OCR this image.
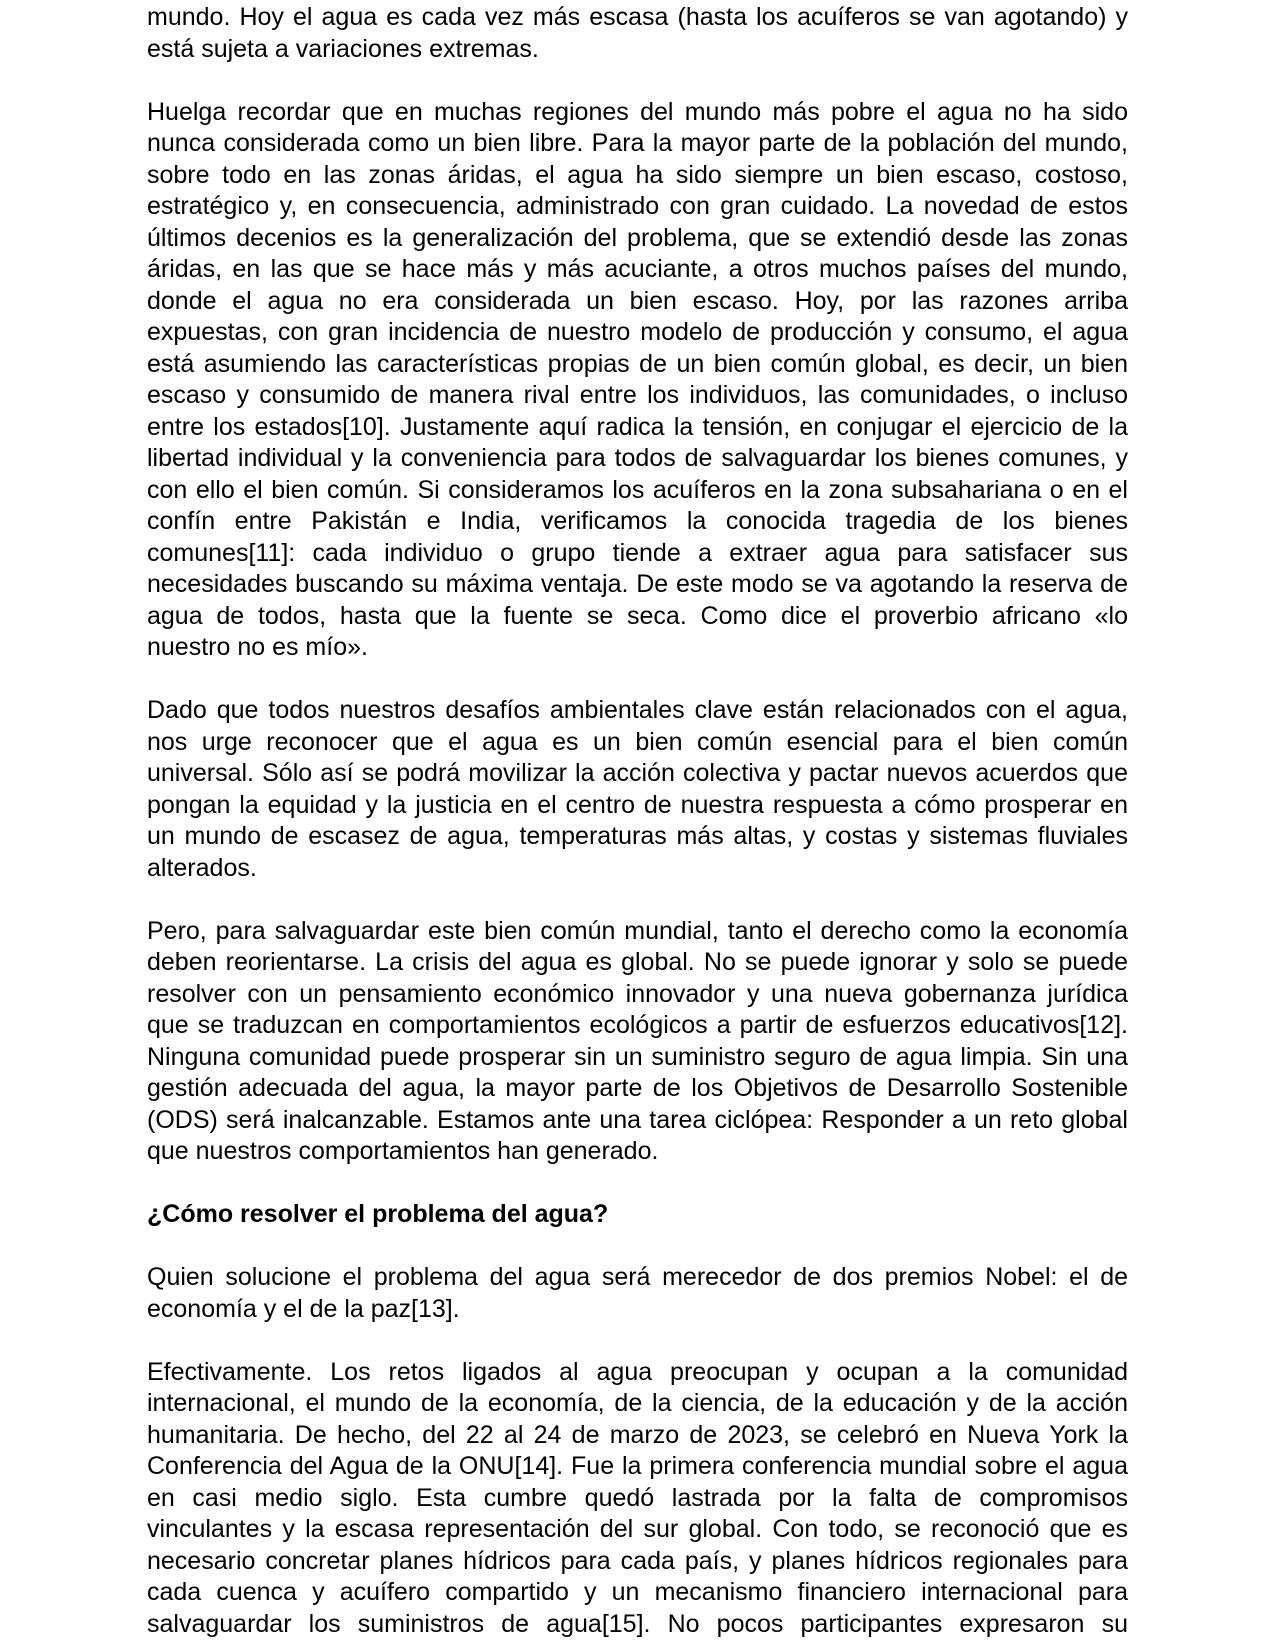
mundo. Hoy el agua es cada vez más escasa (hasta los acuíferos se van agotando) y
está sujeta a variaciones extremas.
Huelga recordar que en muchas regiones del mundo más pobre el agua no ha sido
nunca considerada como un bien libre. Para la mayor parte de la población del mundo,
sobre todo en las zonas áridas, el agua ha sido siempre un bien escaso, costoso,
estratégico y, en consecuencia, administrado con gran cuidado. La novedad de estos
últimos decenios es la generalización del problema, que se extendió desde las zonas
áridas, en las que se hace más y más acuciante, a otros muchos países del mundo,
donde el agua no era considerada un bien escaso. Hoy, por las razones arriba
expuestas, con gran incidencia de nuestro modelo de producción y consumo, el agua
está asumiendo las características propias de un bien común global, es decir, un bien
escaso y consumido de manera rival entre los individuos, las comunidades, o incluso
entre los estados[10]. Justamente aquí radica la tensión, en conjugar el ejercicio de la
libertad individual y la conveniencia para todos de salvaguardar los bienes comunes, y
con ello el bien común. Si consideramos los acuíferos en la zona subsahariana o en el
confín entre Pakistán e India, verificamos la conocida tragedia de los bienes
comunes[11]: cada individuo o grupo tiende a extraer agua para satisfacer sus
necesidades buscando su máxima ventaja. De este modo se va agotando la reserva de
agua de todos, hasta que la fuente se seca. Como dice el proverbio africano «lo
nuestro no es mío».
Dado que todos nuestros desafíos ambientales clave están relacionados con el agua,
nos urge reconocer que el agua es un bien común esencial para el bien común
universal. Sólo así se podrá movilizar la acción colectiva y pactar nuevos acuerdos que
pongan la equidad y la justicia en el centro de nuestra respuesta a cómo prosperar en
un mundo de escasez de agua, temperaturas más altas, y costas y sistemas fluviales
alterados.
Pero, para salvaguardar este bien común mundial, tanto el derecho como la economía
deben reorientarse. La crisis del agua es global. No se puede ignorar y solo se puede
resolver con un pensamiento económico innovador y una nueva gobernanza jurídica
que se traduzcan en comportamientos ecológicos a partir de esfuerzos educativos[12].
Ninguna comunidad puede prosperar sin un suministro seguro de agua limpia. Sin una
gestión adecuada del agua, la mayor parte de los Objetivos de Desarrollo Sostenible
(ODS) será inalcanzable. Estamos ante una tarea ciclópea: Responder a un reto global
que nuestros comportamientos han generado.
¿Cómo resolver el problema del agua?
Quien solucione el problema del agua será merecedor de dos premios Nobel: el de
economía y el de la paz[13].
Efectivamente. Los retos ligados al agua preocupan y ocupan a la comunidad
internacional, el mundo de la economía, de la ciencia, de la educación y de la acción
humanitaria. De hecho, del 22 al 24 de marzo de 2023, se celebró en Nueva York la
Conferencia del Agua de la ONU[14]. Fue la primera conferencia mundial sobre el agua
en casi medio siglo. Esta cumbre quedó lastrada por la falta de compromisos
vinculantes y la escasa representación del sur global. Con todo, se reconoció que es
necesario concretar planes hídricos para cada país, y planes hídricos regionales para
cada cuenca y acuífero compartido y un mecanismo financiero internacional para
salvaguardar los suministros de agua[15]. No pocos participantes expresaron su
